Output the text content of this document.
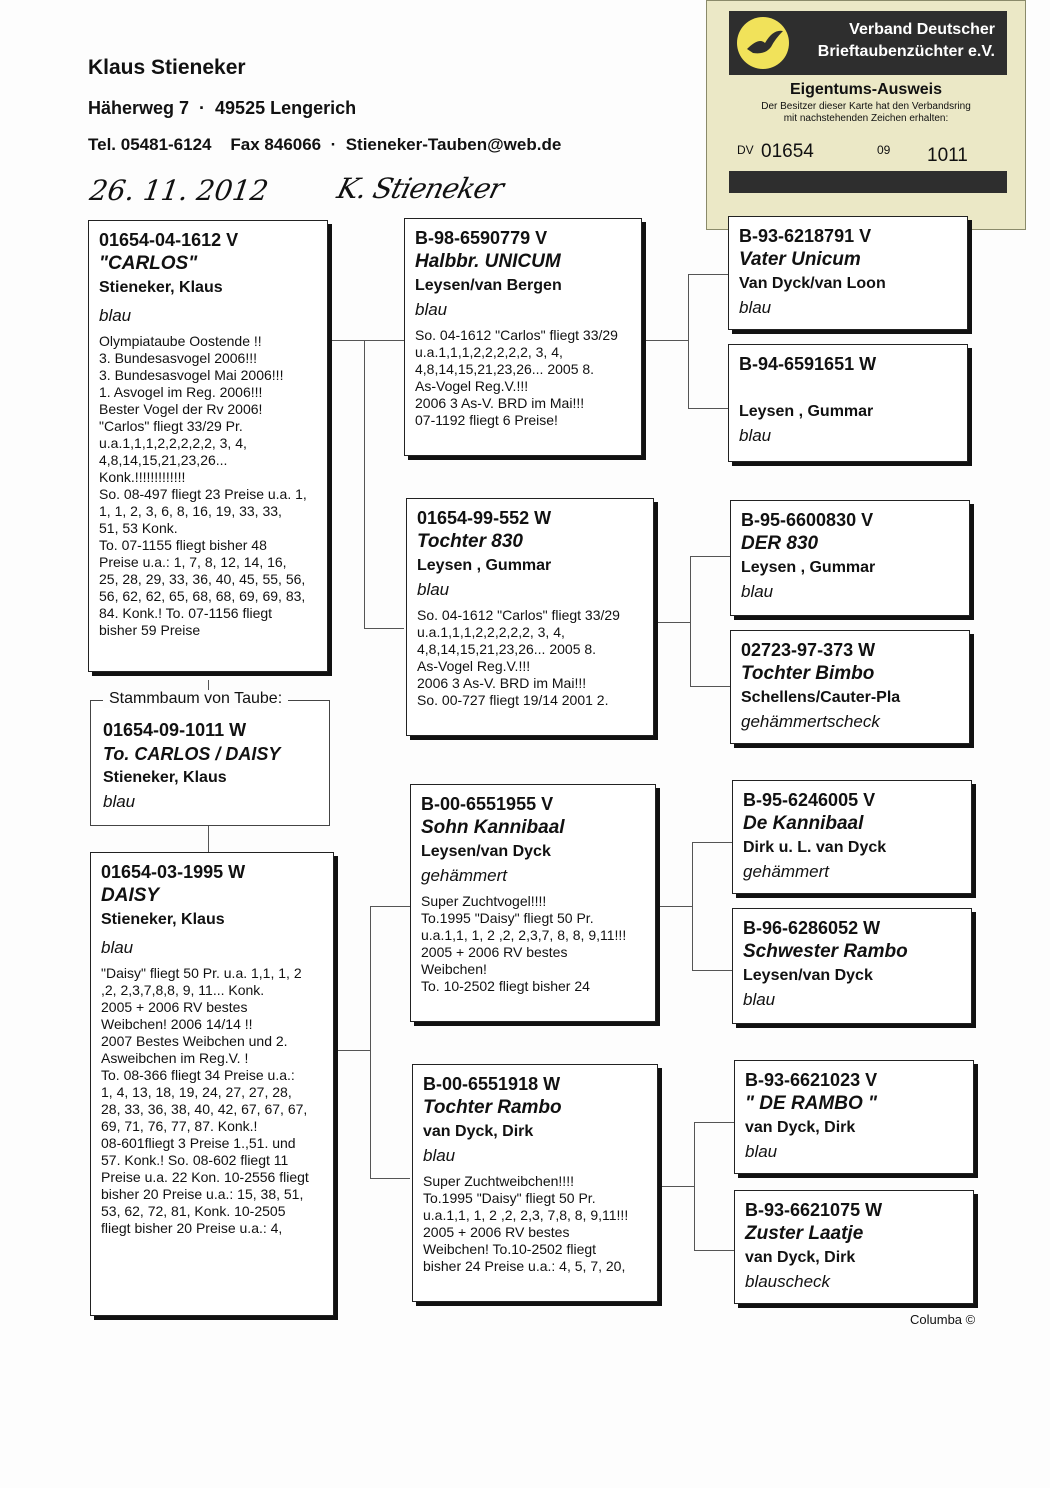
Klaus Stieneker
Häherweg 7  ·  49525 Lengerich
Tel. 05481-6124    Fax 846066  ·  Stieneker-Tauben@web.de
26. 11. 2012 K. Stieneker
Verband Deutscher
Brieftaubenzüchter e.V.
Eigentums-Ausweis
Der Besitzer dieser Karte hat den Verbandsring
mit nachstehenden Zeichen erhalten:
DV 01654	09 1011
01654-04-1612 V
"CARLOS"
Stieneker, Klaus
blau
Olympiataube Oostende !!
3. Bundesasvogel 2006!!!
3. Bundesasvogel Mai 2006!!!
1. Asvogel im Reg. 2006!!!
Bester Vogel der Rv 2006!
"Carlos" fliegt 33/29 Pr.
u.a.1,1,1,2,2,2,2,2, 3, 4,
4,8,14,15,21,23,26...
Konk.!!!!!!!!!!!!!
So. 08-497 fliegt 23 Preise u.a. 1,
1, 1, 2, 3, 6, 8, 16, 19, 33, 33,
51, 53 Konk.
To. 07-1155 fliegt bisher 48
Preise u.a.: 1, 7, 8, 12, 14, 16,
25, 28, 29, 33, 36, 40, 45, 55, 56,
56, 62, 62, 65, 68, 68, 69, 69, 83,
84. Konk.! To. 07-1156 fliegt
bisher 59 Preise
Stammbaum von Taube:
01654-09-1011 W
To. CARLOS / DAISY
Stieneker, Klaus
blau
01654-03-1995 W
DAISY
Stieneker, Klaus
blau
"Daisy" fliegt 50 Pr. u.a. 1,1, 1, 2
,2, 2,3,7,8,8, 9, 11... Konk.
2005 + 2006 RV bestes
Weibchen! 2006 14/14 !!
2007 Bestes Weibchen und 2.
Asweibchen im Reg.V. !
To. 08-366 fliegt 34 Preise u.a.:
1, 4, 13, 18, 19, 24, 27, 27, 28,
28, 33, 36, 38, 40, 42, 67, 67, 67,
69, 71, 76, 77, 87. Konk.!
08-601fliegt 3 Preise 1.,51. und
57. Konk.! So. 08-602 fliegt 11
Preise u.a. 22 Kon. 10-2556 fliegt
bisher 20 Preise u.a.: 15, 38, 51,
53, 62, 72, 81, Konk. 10-2505
fliegt bisher 20 Preise u.a.: 4,
B-98-6590779 V
Halbbr. UNICUM
Leysen/van Bergen
blau
So. 04-1612 "Carlos" fliegt 33/29
u.a.1,1,1,2,2,2,2,2, 3, 4,
4,8,14,15,21,23,26... 2005 8.
As-Vogel Reg.V.!!!
2006 3 As-V. BRD im Mai!!!
07-1192 fliegt 6 Preise!
01654-99-552 W
Tochter 830
Leysen , Gummar
blau
So. 04-1612 "Carlos" fliegt 33/29
u.a.1,1,1,2,2,2,2,2, 3, 4,
4,8,14,15,21,23,26... 2005 8.
As-Vogel Reg.V.!!!
2006 3 As-V. BRD im Mai!!!
So. 00-727 fliegt 19/14 2001 2.
B-00-6551955 V
Sohn Kannibaal
Leysen/van Dyck
gehämmert
Super Zuchtvogel!!!!
To.1995 "Daisy" fliegt 50 Pr.
u.a.1,1, 1, 2 ,2, 2,3,7, 8, 8, 9,11!!!
2005 + 2006 RV bestes
Weibchen!
To. 10-2502 fliegt bisher 24
B-00-6551918 W
Tochter Rambo
van Dyck, Dirk
blau
Super Zuchtweibchen!!!!
To.1995 "Daisy" fliegt 50 Pr.
u.a.1,1, 1, 2 ,2, 2,3, 7,8, 8, 9,11!!!
2005 + 2006 RV bestes
Weibchen! To.10-2502 fliegt
bisher 24 Preise u.a.: 4, 5, 7, 20,
B-93-6218791 V
Vater Unicum
Van Dyck/van Loon
blau
B-94-6591651 W
Leysen , Gummar
blau
B-95-6600830 V
DER 830
Leysen , Gummar
blau
02723-97-373 W
Tochter Bimbo
Schellens/Cauter-Pla
gehämmertscheck
B-95-6246005 V
De Kannibaal
Dirk u. L. van Dyck
gehämmert
B-96-6286052 W
Schwester Rambo
Leysen/van Dyck
blau
B-93-6621023 V
" DE RAMBO "
van Dyck, Dirk
blau
B-93-6621075 W
Zuster Laatje
van Dyck, Dirk
blauscheck
Columba ©
